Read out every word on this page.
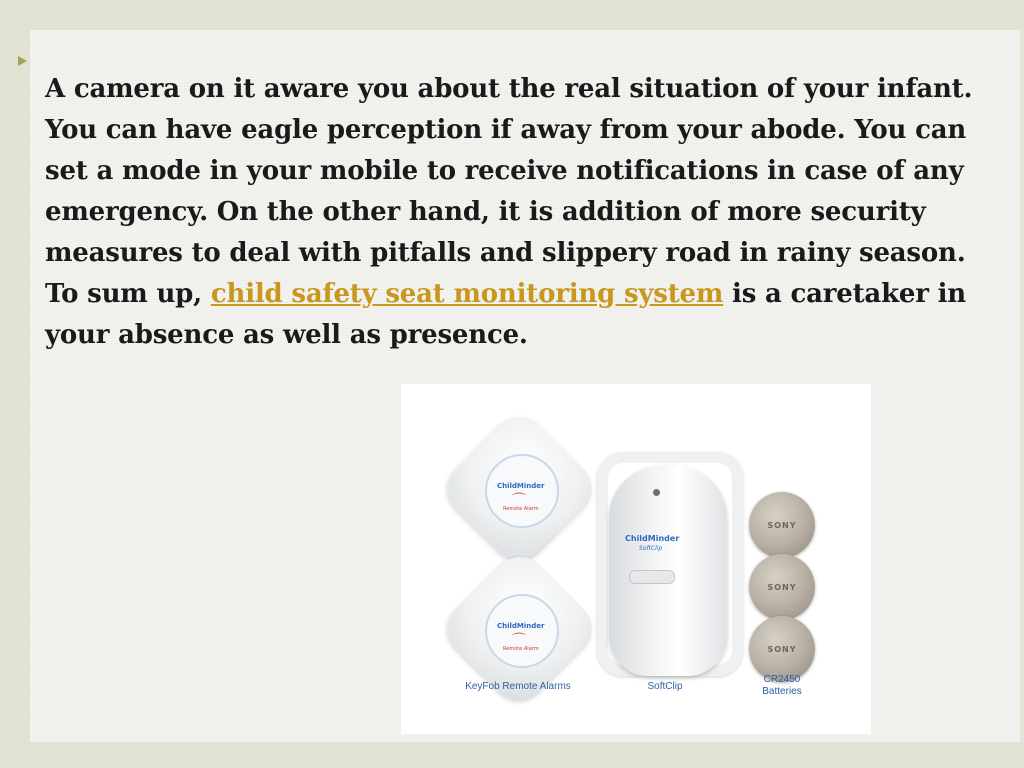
A camera on it aware you about the real situation of your infant. You can have eagle perception if away from your abode. You can set a mode in your mobile to receive notifications in case of any emergency. On the other hand, it is addition of more security measures to deal with pitfalls and slippery road in rainy season. To sum up, child safety seat monitoring system is a caretaker in your absence as well as presence.

ChildMinder
⌒
Remote Alarm
ChildMinder
⌒
Remote Alarm
ChildMinder
SoftClip
SONY
SONY
SONY
KeyFob Remote Alarms	SoftClip
CR2450
Batteries
